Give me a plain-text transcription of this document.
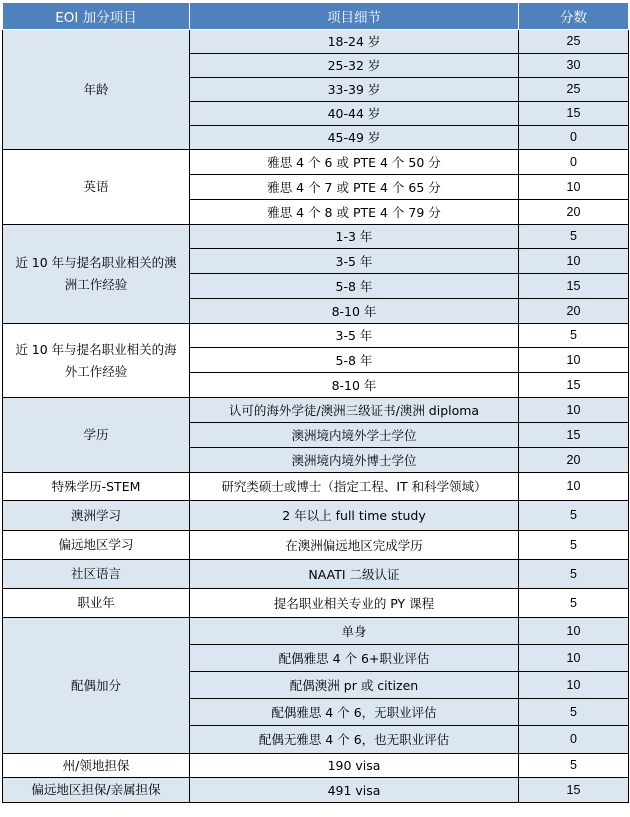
EOI 加分项目	项目细节	分数
年龄	18-24 岁	25
	25-32 岁	30
	33-39 岁	25
	40-44 岁	15
	45-49 岁	0
英语	雅思 4 个 6 或 PTE 4 个 50 分	0
	雅思 4 个 7 或 PTE 4 个 65 分	10
	雅思 4 个 8 或 PTE 4 个 79 分	20
近 10 年与提名职业相关的澳洲工作经验	1-3 年	5
	3-5 年	10
	5-8 年	15
	8-10 年	20
近 10 年与提名职业相关的海外工作经验	3-5 年	5
	5-8 年	10
	8-10 年	15
学历	认可的海外学徒/澳洲三级证书/澳洲 diploma	10
	澳洲境内境外学士学位	15
	澳洲境内境外博士学位	20
特殊学历-STEM	研究类硕士或博士（指定工程、IT 和科学领域）	10
澳洲学习	2 年以上 full time study	5
偏远地区学习	在澳洲偏远地区完成学历	5
社区语言	NAATI 二级认证	5
职业年	提名职业相关专业的 PY 课程	5
配偶加分	单身	10
	配偶雅思 4 个 6+职业评估	10
	配偶澳洲 pr 或 citizen	10
	配偶雅思 4 个 6，无职业评估	5
	配偶无雅思 4 个 6，也无职业评估	0
州/领地担保	190 visa	5
偏远地区担保/亲属担保	491 visa	15
